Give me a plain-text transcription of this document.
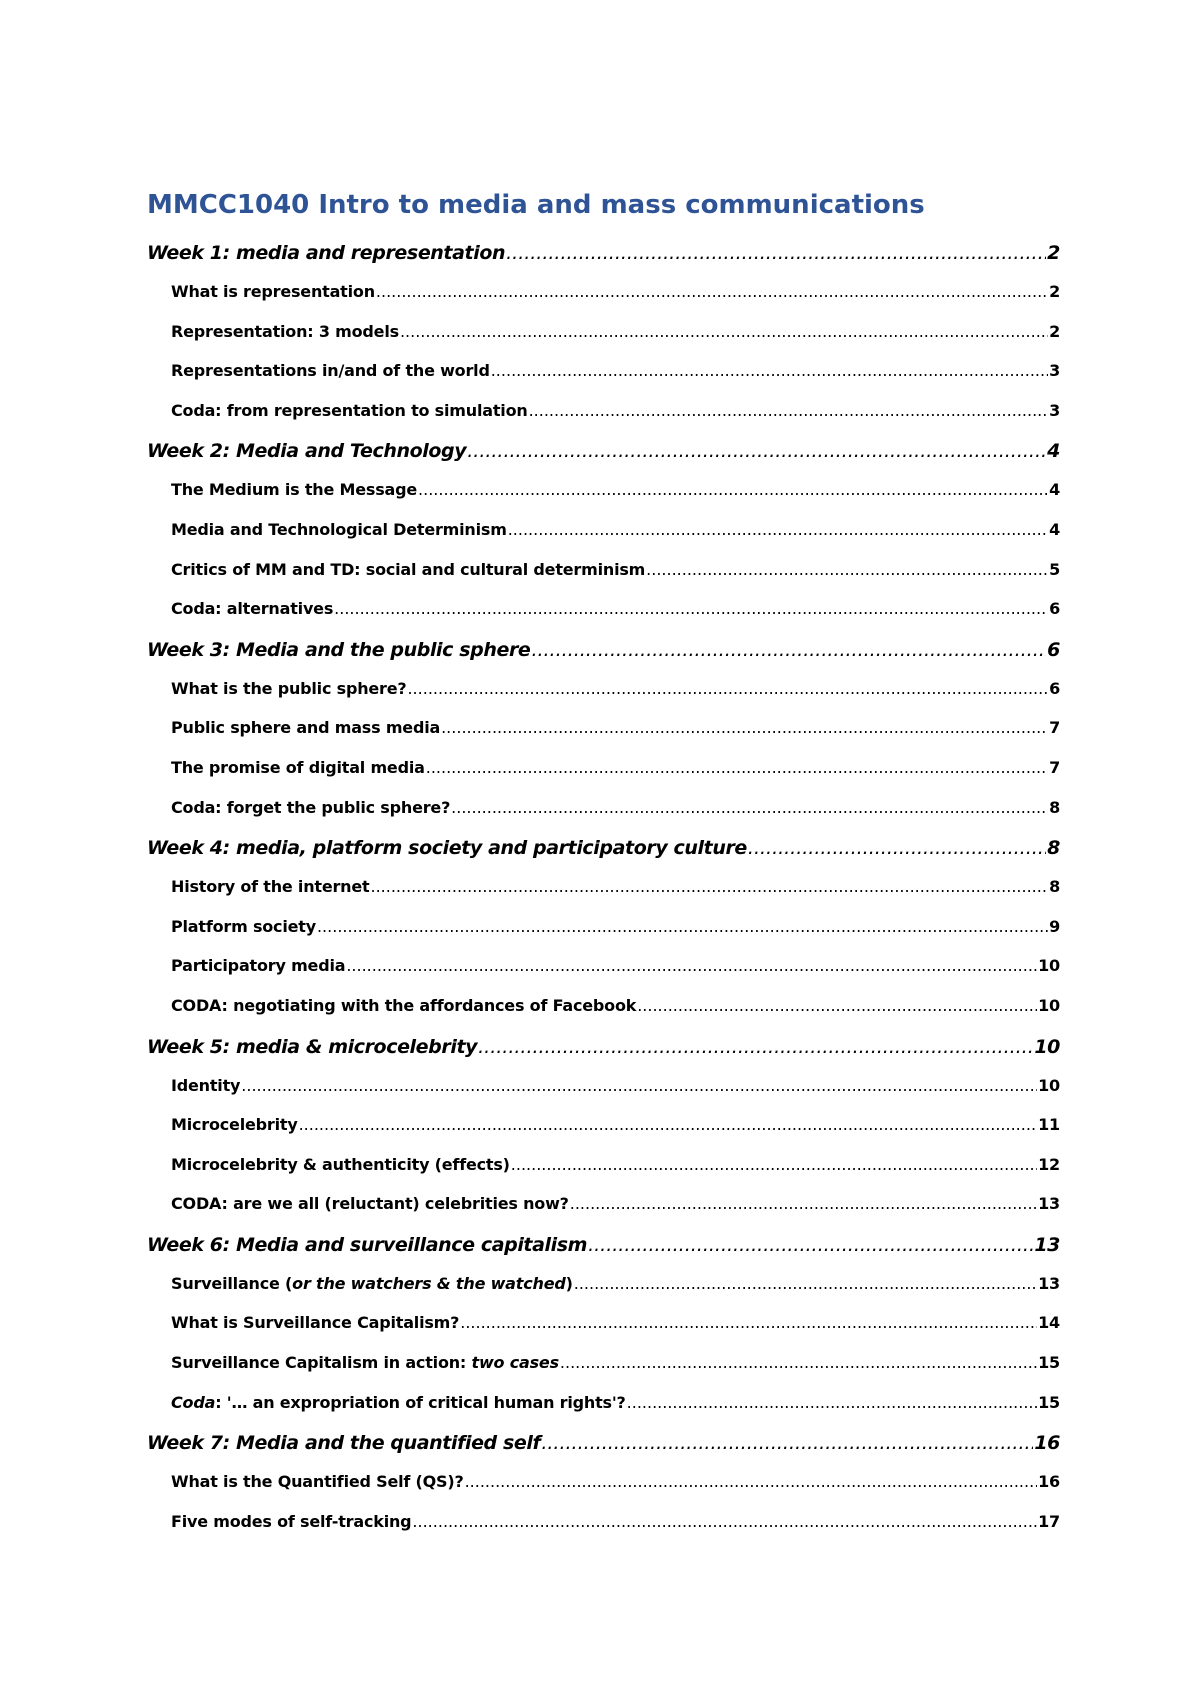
MMCC1040 Intro to media and mass communications
Week 1: media and representation .....	2
What is representation .....	2
Representation: 3 models .....	2
Representations in/and of the world .....	3
Coda: from representation to simulation .....	3
Week 2: Media and Technology .....	4
The Medium is the Message .....	4
Media and Technological Determinism .....	4
Critics of MM and TD: social and cultural determinism .....	5
Coda: alternatives .....	6
Week 3: Media and the public sphere .....	6
What is the public sphere? .....	6
Public sphere and mass media .....	7
The promise of digital media .....	7
Coda: forget the public sphere? .....	8
Week 4: media, platform society and participatory culture .....	8
History of the internet .....	8
Platform society .....	9
Participatory media .....	10
CODA: negotiating with the affordances of Facebook .....	10
Week 5: media & microcelebrity .....	10
Identity .....	10
Microcelebrity .....	11
Microcelebrity & authenticity (effects) .....	12
CODA: are we all (reluctant) celebrities now? .....	13
Week 6: Media and surveillance capitalism .....	13
Surveillance (or the watchers & the watched) .....	13
What is Surveillance Capitalism? .....	14
Surveillance Capitalism in action: two cases .....	15
Coda: '… an expropriation of critical human rights'? .....	15
Week 7: Media and the quantified self .....	16
What is the Quantified Self (QS)? .....	16
Five modes of self-tracking .....	17
